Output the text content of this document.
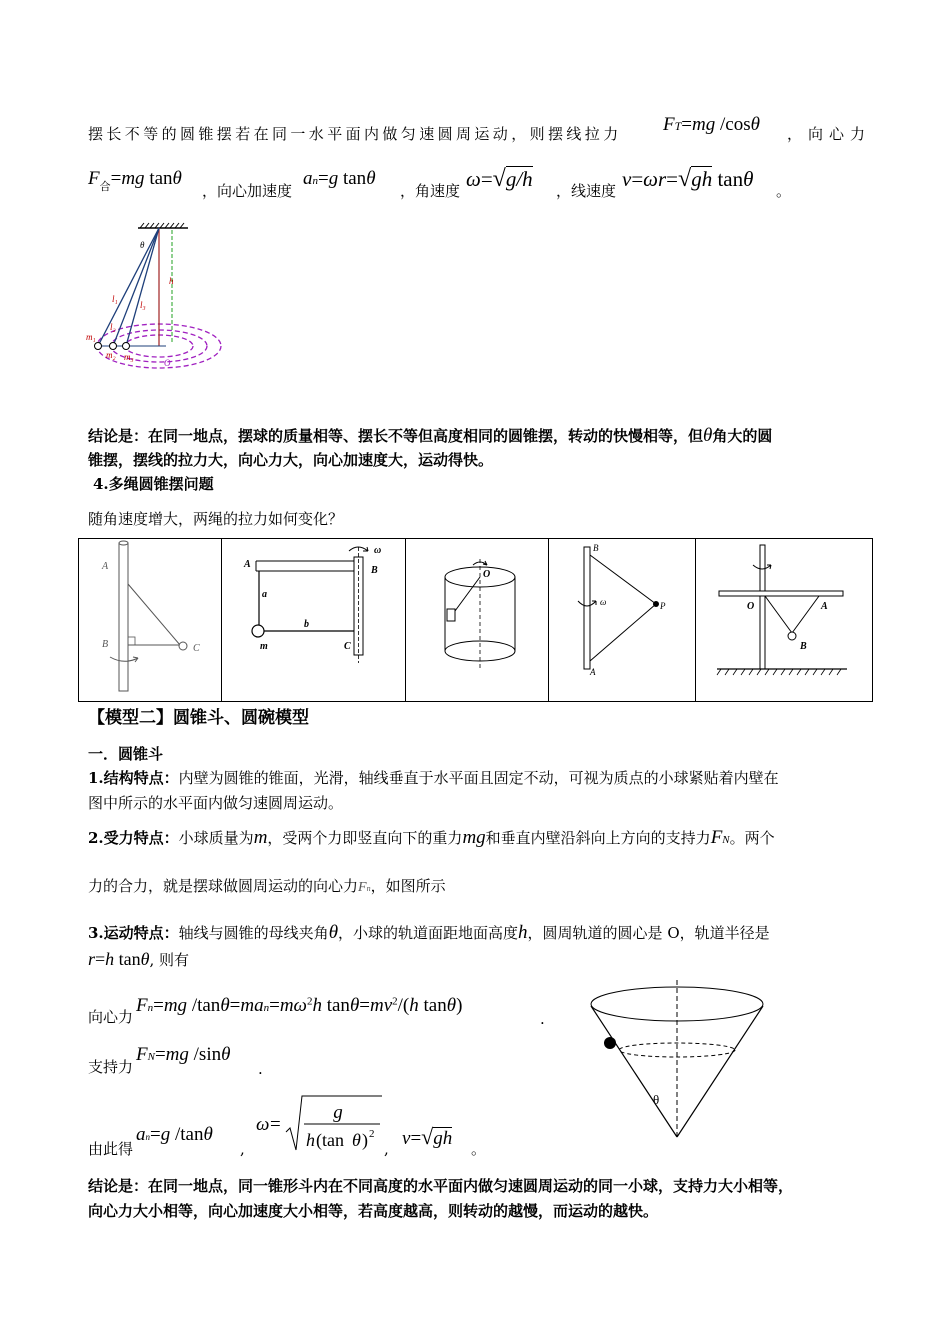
摆长不等的圆锥摆若在同一水平面内做匀速圆周运动，则摆线拉力 FT=mg /cosθ ，向心力
$F_合=mg$ tanθ
，向心加速度
an=g tanθ
，角速度 ω=√g/h ，线速度 v=ωr=√gh tanθ 。
θ
h
l₁
l₂
l₃
m₁
m₂ m₃
O
结论是：在同一地点，摆球的质量相等、摆长不等但高度相同的圆锥摆，转动的快慢相等，但θ角大的圆
锥摆，摆线的拉力大，向心力大，向心加速度大，运动得快。
4.多绳圆锥摆问题
随角速度增大，两绳的拉力如何变化？
A
B	C

A
B
C
a
b
m
ω

O

B
A
P
ω	O	A
B
【模型二】圆锥斗、圆碗模型
一．圆锥斗
1.结构特点：内壁为圆锥的锥面，光滑，轴线垂直于水平面且固定不动，可视为质点的小球紧贴着内壁在
图中所示的水平面内做匀速圆周运动。
2.受力特点：小球质量为m，受两个力即竖直向下的重力mg和垂直内壁沿斜向上方向的支持力FN。两个
力的合力，就是摆球做圆周运动的向心力Fn，如图所示
3.运动特点：轴线与圆锥的母线夹角θ，小球的轨道面距地面高度h，圆周轨道的圆心是 O，轨道半径是
r=h tanθ, 则有
向心力
Fn=mg $/\tan\theta=man=m\omega^2h$ $\tan\theta=mv^2/(h$ tanθ)
.
支持力
FN=mg /sinθ
.
由此得
an=g /tanθ
,
ω =
g
h (tan θ ) 2
, v=√gh 。
θ
结论是：在同一地点，同一锥形斗内在不同高度的水平面内做匀速圆周运动的同一小球，支持力大小相等，
向心力大小相等，向心加速度大小相等，若高度越高，则转动的越慢，而运动的越快。
